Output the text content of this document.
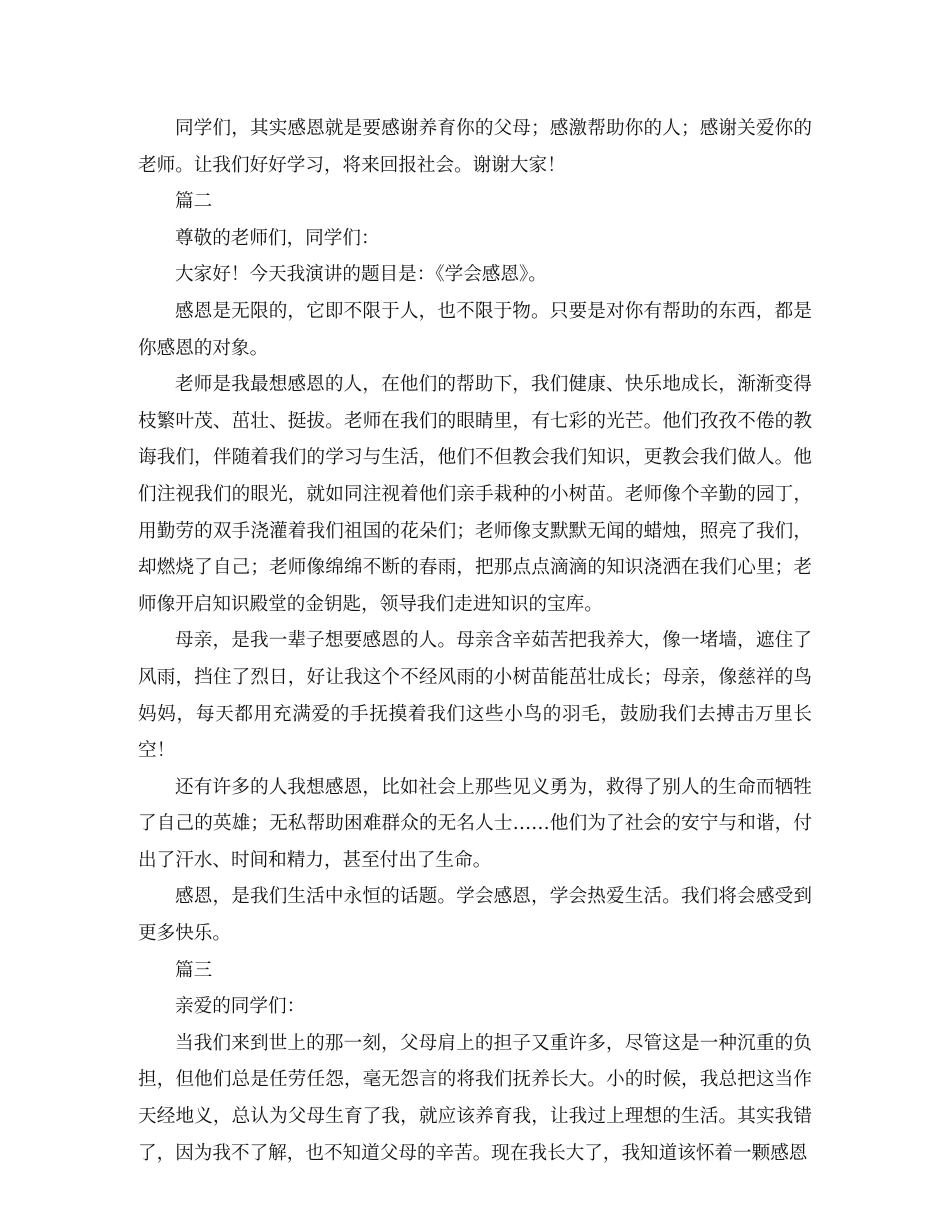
同学们，其实感恩就是要感谢养育你的父母；感激帮助你的人；感谢关爱你的老师。让我们好好学习，将来回报社会。谢谢大家！

篇二

尊敬的老师们，同学们：

大家好！今天我演讲的题目是：《学会感恩》。

感恩是无限的，它即不限于人，也不限于物。只要是对你有帮助的东西，都是你感恩的对象。

老师是我最想感恩的人，在他们的帮助下，我们健康、快乐地成长，渐渐变得枝繁叶茂、茁壮、挺拔。老师在我们的眼睛里，有七彩的光芒。他们孜孜不倦的教诲我们，伴随着我们的学习与生活，他们不但教会我们知识，更教会我们做人。他们注视我们的眼光，就如同注视着他们亲手栽种的小树苗。老师像个辛勤的园丁，用勤劳的双手浇灌着我们祖国的花朵们；老师像支默默无闻的蜡烛，照亮了我们，却燃烧了自己；老师像绵绵不断的春雨，把那点点滴滴的知识浇洒在我们心里；老师像开启知识殿堂的金钥匙，领导我们走进知识的宝库。

母亲，是我一辈子想要感恩的人。母亲含辛茹苦把我养大，像一堵墙，遮住了风雨，挡住了烈日，好让我这个不经风雨的小树苗能茁壮成长；母亲，像慈祥的鸟妈妈，每天都用充满爱的手抚摸着我们这些小鸟的羽毛，鼓励我们去搏击万里长空！

还有许多的人我想感恩，比如社会上那些见义勇为，救得了别人的生命而牺牲了自己的英雄；无私帮助困难群众的无名人士……他们为了社会的安宁与和谐，付出了汗水、时间和精力，甚至付出了生命。

感恩，是我们生活中永恒的话题。学会感恩，学会热爱生活。我们将会感受到更多快乐。

篇三

亲爱的同学们：

当我们来到世上的那一刻，父母肩上的担子又重许多，尽管这是一种沉重的负担，但他们总是任劳任怨，毫无怨言的将我们抚养长大。小的时候，我总把这当作天经地义，总认为父母生育了我，就应该养育我，让我过上理想的生活。其实我错了，因为我不了解，也不知道父母的辛苦。现在我长大了，我知道该怀着一颗感恩
